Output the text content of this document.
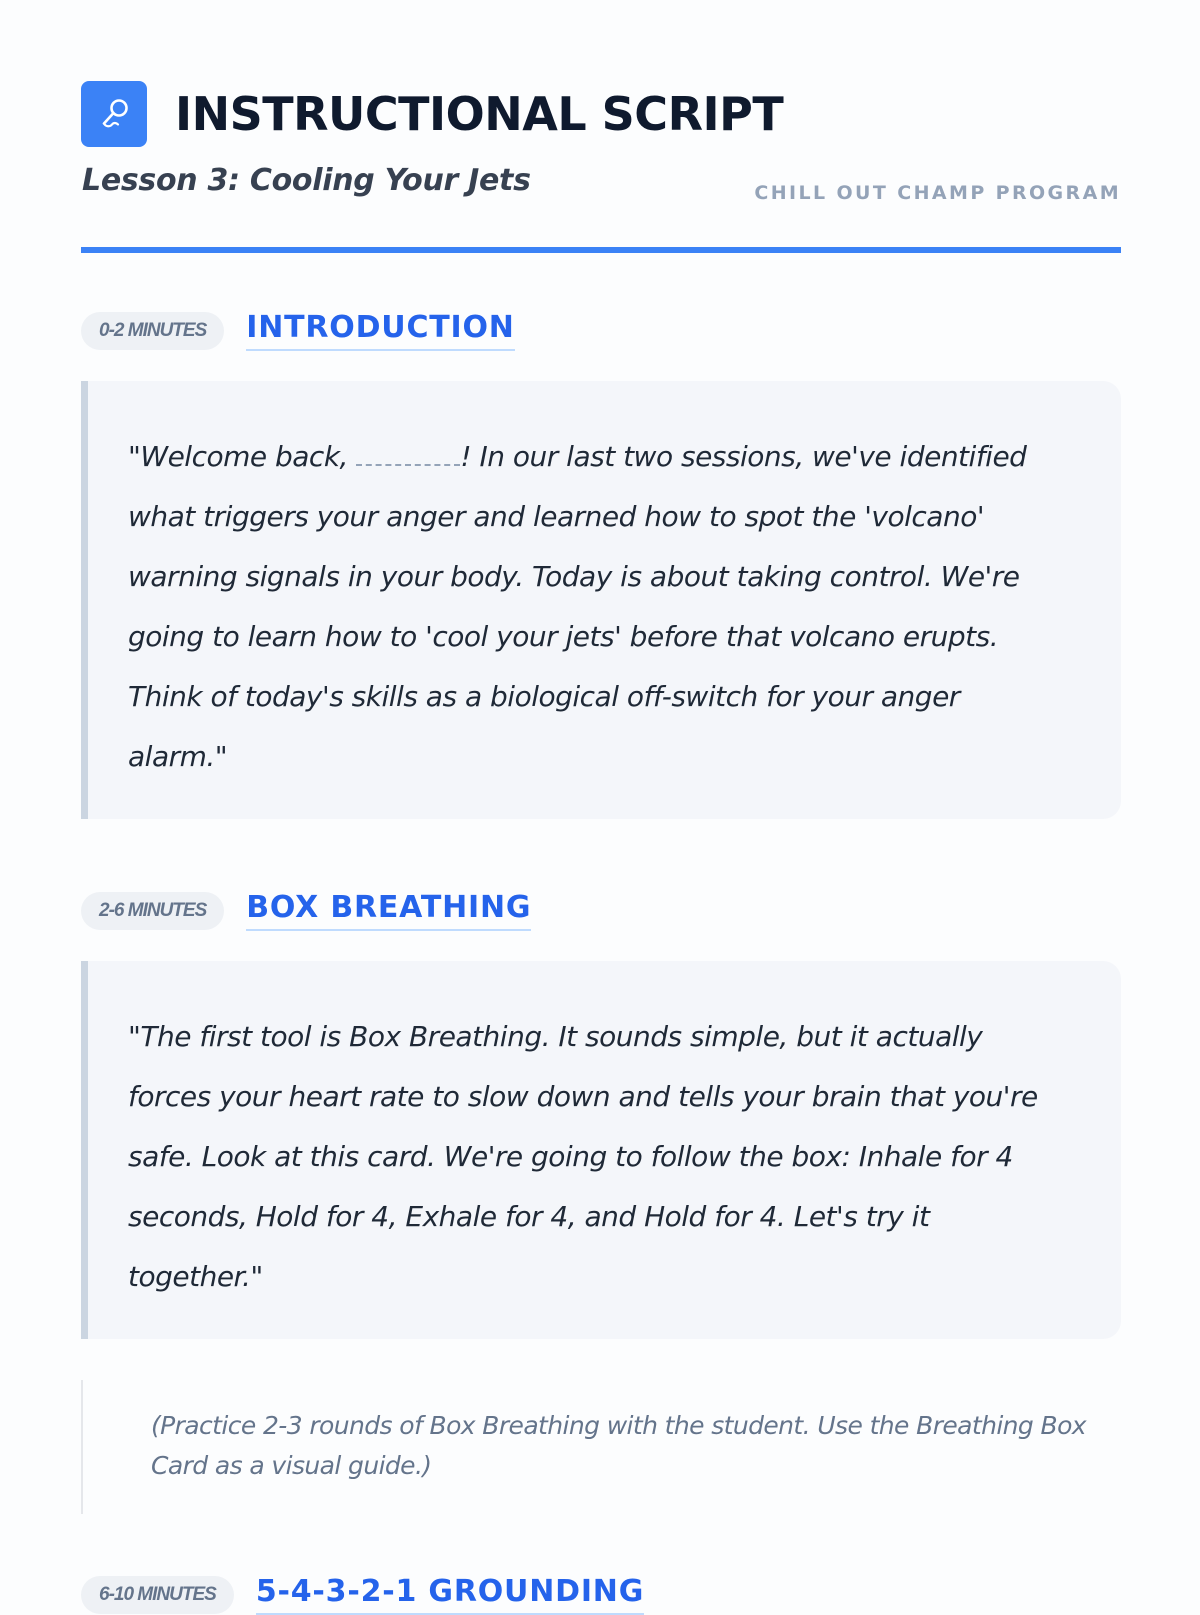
INSTRUCTIONAL SCRIPT
Lesson 3: Cooling Your Jets	CHILL OUT CHAMP PROGRAM
0-2 MINUTES	INTRODUCTION
"Welcome back,	! In our last two sessions, we've identified
what triggers your anger and learned how to spot the 'volcano'
warning signals in your body. Today is about taking control. We're
going to learn how to 'cool your jets' before that volcano erupts.
Think of today's skills as a biological off-switch for your anger
alarm."
2-6 MINUTES	BOX BREATHING
"The first tool is Box Breathing. It sounds simple, but it actually
forces your heart rate to slow down and tells your brain that you're
safe. Look at this card. We're going to follow the box: Inhale for 4
seconds, Hold for 4, Exhale for 4, and Hold for 4. Let's try it
together."
(Practice 2-3 rounds of Box Breathing with the student. Use the Breathing Box
Card as a visual guide.)
6-10 MINUTES	5-4-3-2-1 GROUNDING
